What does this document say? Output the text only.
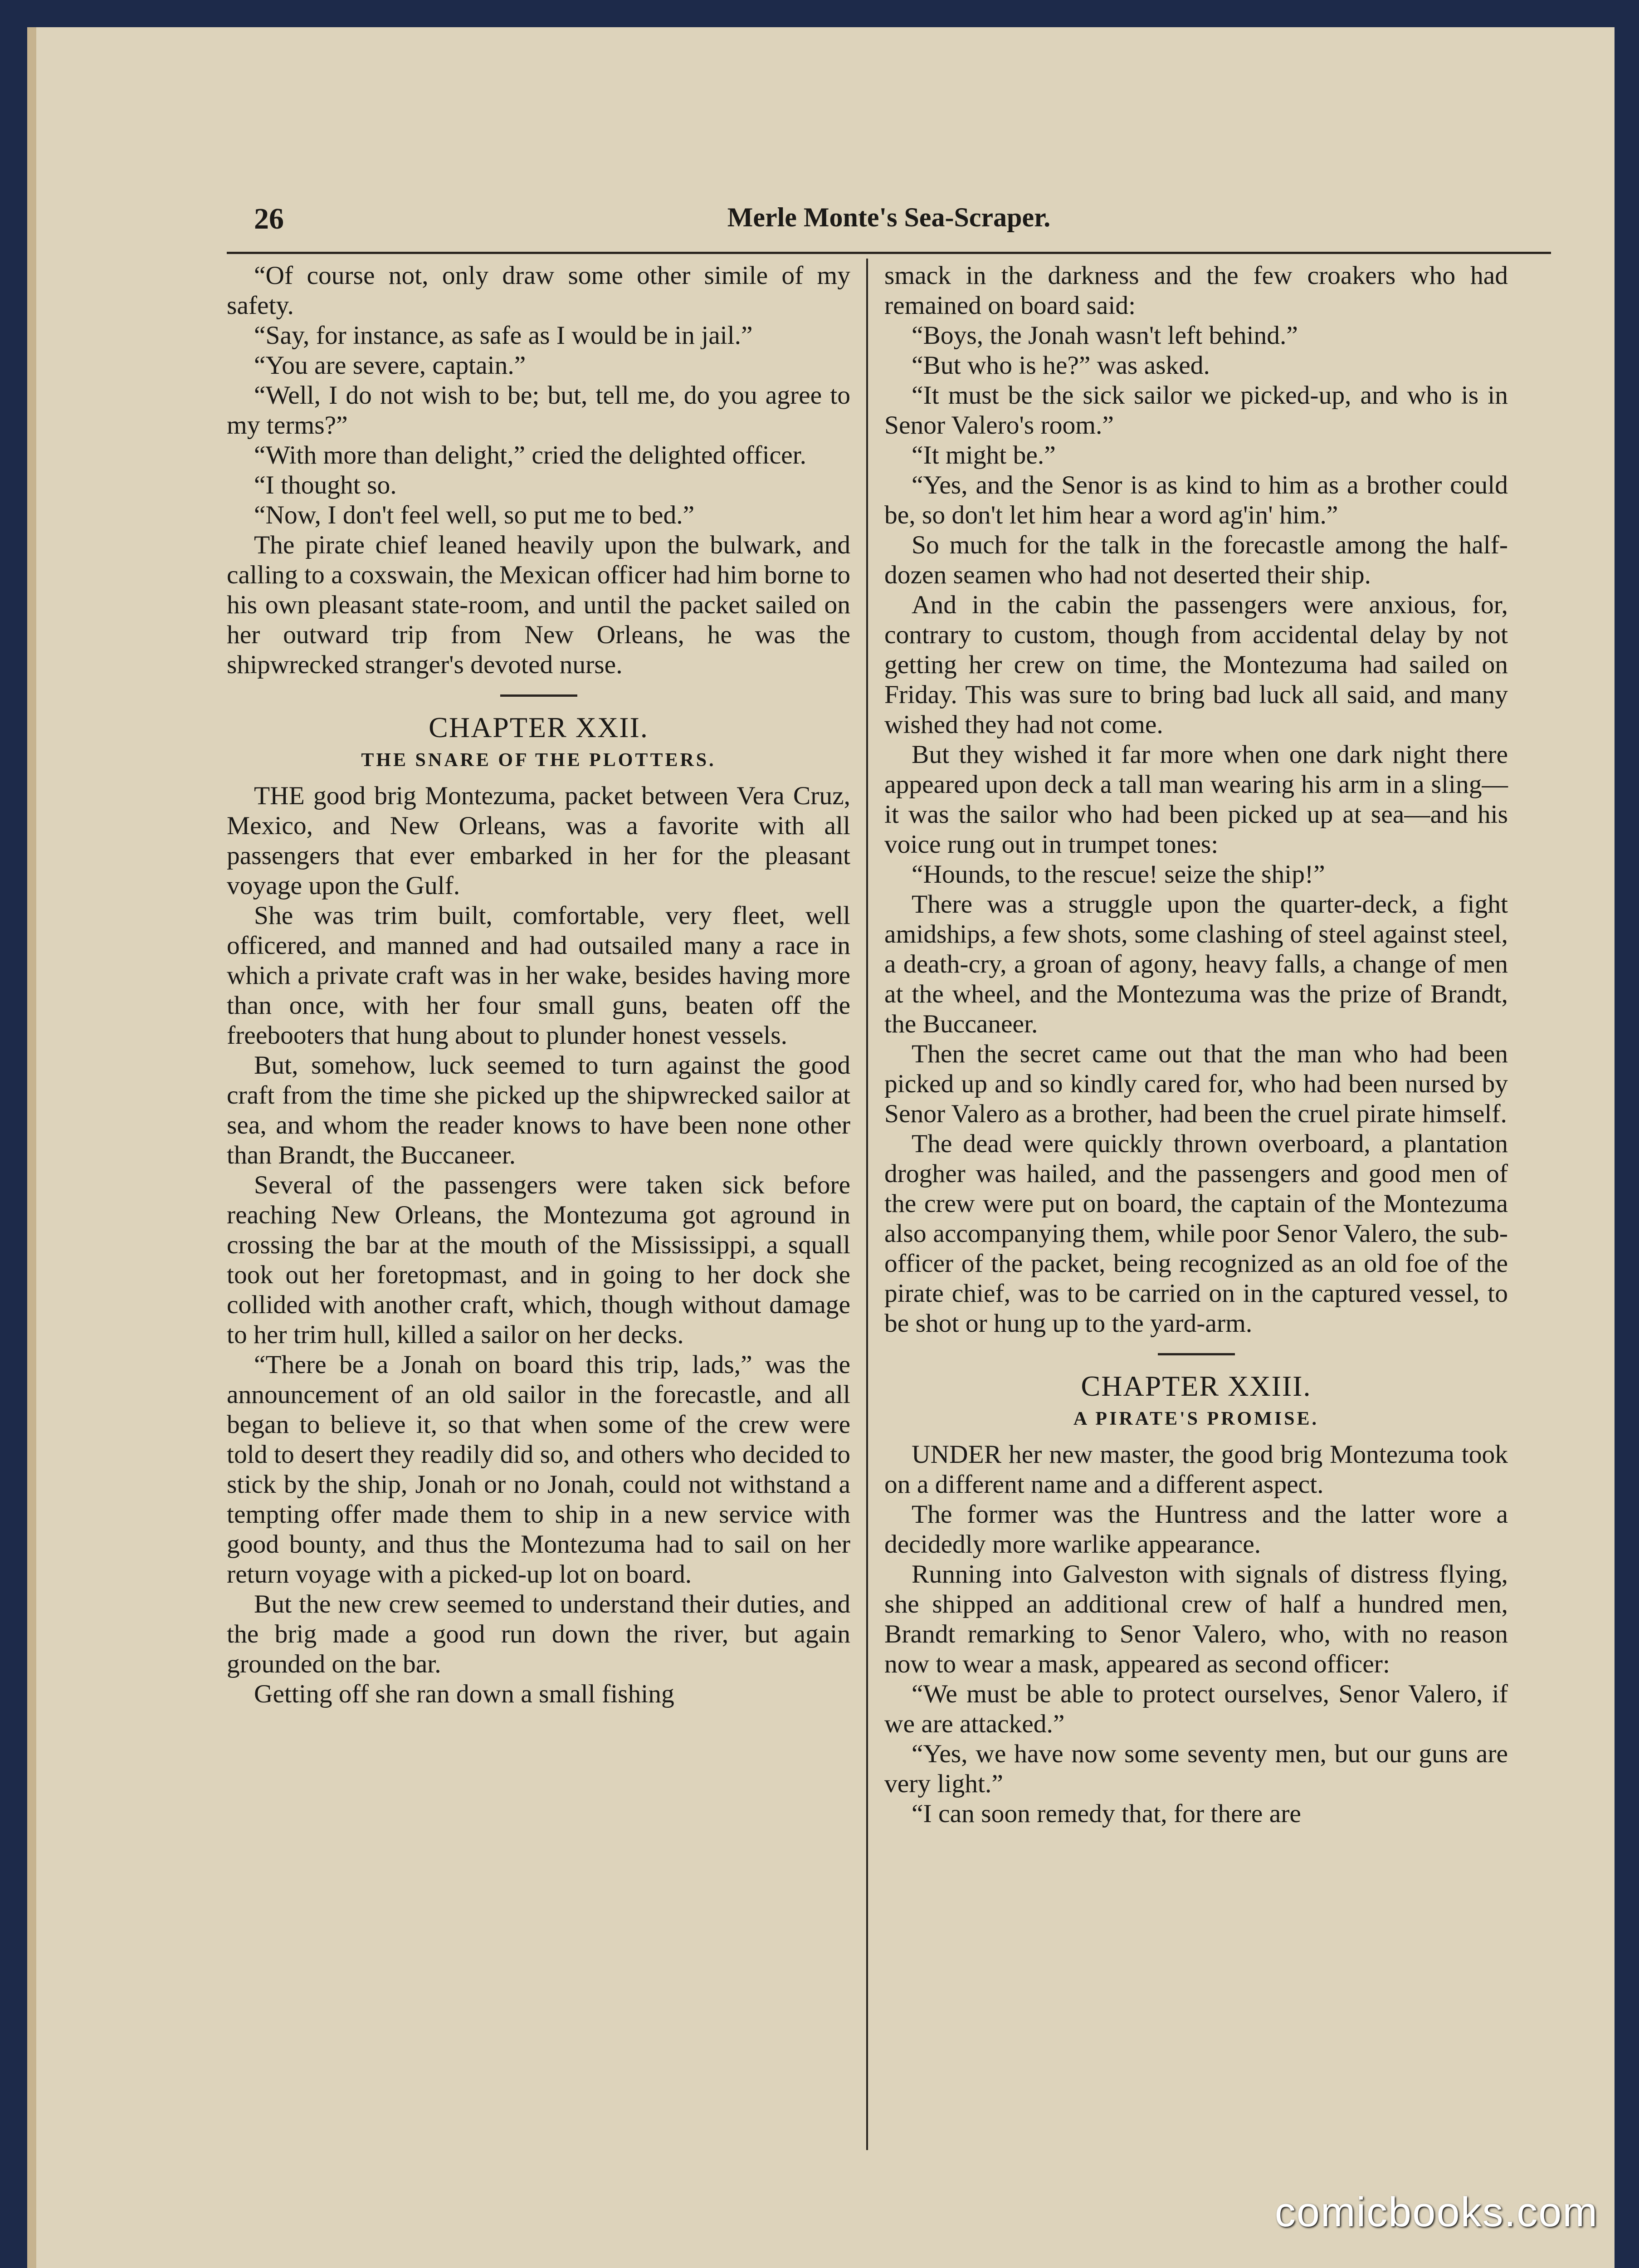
26	Merle Monte's Sea-Scraper.

“Of course not, only draw some other simile of my safety.

“Say, for instance, as safe as I would be in jail.”

“You are severe, captain.”

“Well, I do not wish to be; but, tell me, do you agree to my terms?”

“With more than delight,” cried the delighted officer.

“I thought so.

“Now, I don't feel well, so put me to bed.”

The pirate chief leaned heavily upon the bulwark, and calling to a coxswain, the Mexican officer had him borne to his own pleasant state-room, and until the packet sailed on her outward trip from New Orleans, he was the shipwrecked stranger's devoted nurse.

CHAPTER XXII.
THE SNARE OF THE PLOTTERS.

THE good brig Montezuma, packet between Vera Cruz, Mexico, and New Orleans, was a favorite with all passengers that ever embarked in her for the pleasant voyage upon the Gulf.

She was trim built, comfortable, very fleet, well officered, and manned and had outsailed many a race in which a private craft was in her wake, besides having more than once, with her four small guns, beaten off the freebooters that hung about to plunder honest vessels.

But, somehow, luck seemed to turn against the good craft from the time she picked up the shipwrecked sailor at sea, and whom the reader knows to have been none other than Brandt, the Buccaneer.

Several of the passengers were taken sick before reaching New Orleans, the Montezuma got aground in crossing the bar at the mouth of the Mississippi, a squall took out her foretopmast, and in going to her dock she collided with another craft, which, though without damage to her trim hull, killed a sailor on her decks.

“There be a Jonah on board this trip, lads,” was the announcement of an old sailor in the forecastle, and all began to believe it, so that when some of the crew were told to desert they readily did so, and others who decided to stick by the ship, Jonah or no Jonah, could not withstand a tempting offer made them to ship in a new service with good bounty, and thus the Montezuma had to sail on her return voyage with a picked-up lot on board.

But the new crew seemed to understand their duties, and the brig made a good run down the river, but again grounded on the bar.

Getting off she ran down a small fishing

smack in the darkness and the few croakers who had remained on board said:

“Boys, the Jonah wasn't left behind.”

“But who is he?” was asked.

“It must be the sick sailor we picked-up, and who is in Senor Valero's room.”

“It might be.”

“Yes, and the Senor is as kind to him as a brother could be, so don't let him hear a word ag'in' him.”

So much for the talk in the forecastle among the half-dozen seamen who had not deserted their ship.

And in the cabin the passengers were anxious, for, contrary to custom, though from accidental delay by not getting her crew on time, the Montezuma had sailed on Friday. This was sure to bring bad luck all said, and many wished they had not come.

But they wished it far more when one dark night there appeared upon deck a tall man wearing his arm in a sling—it was the sailor who had been picked up at sea—and his voice rung out in trumpet tones:

“Hounds, to the rescue! seize the ship!”

There was a struggle upon the quarter-deck, a fight amidships, a few shots, some clashing of steel against steel, a death-cry, a groan of agony, heavy falls, a change of men at the wheel, and the Montezuma was the prize of Brandt, the Buccaneer.

Then the secret came out that the man who had been picked up and so kindly cared for, who had been nursed by Senor Valero as a brother, had been the cruel pirate himself.

The dead were quickly thrown overboard, a plantation drogher was hailed, and the passengers and good men of the crew were put on board, the captain of the Montezuma also accompanying them, while poor Senor Valero, the sub-officer of the packet, being recognized as an old foe of the pirate chief, was to be carried on in the captured vessel, to be shot or hung up to the yard-arm.

CHAPTER XXIII.
A PIRATE'S PROMISE.

UNDER her new master, the good brig Montezuma took on a different name and a different aspect.

The former was the Huntress and the latter wore a decidedly more warlike appearance.

Running into Galveston with signals of distress flying, she shipped an additional crew of half a hundred men, Brandt remarking to Senor Valero, who, with no reason now to wear a mask, appeared as second officer:

“We must be able to protect ourselves, Senor Valero, if we are attacked.”

“Yes, we have now some seventy men, but our guns are very light.”

“I can soon remedy that, for there are

comicbooks.com
